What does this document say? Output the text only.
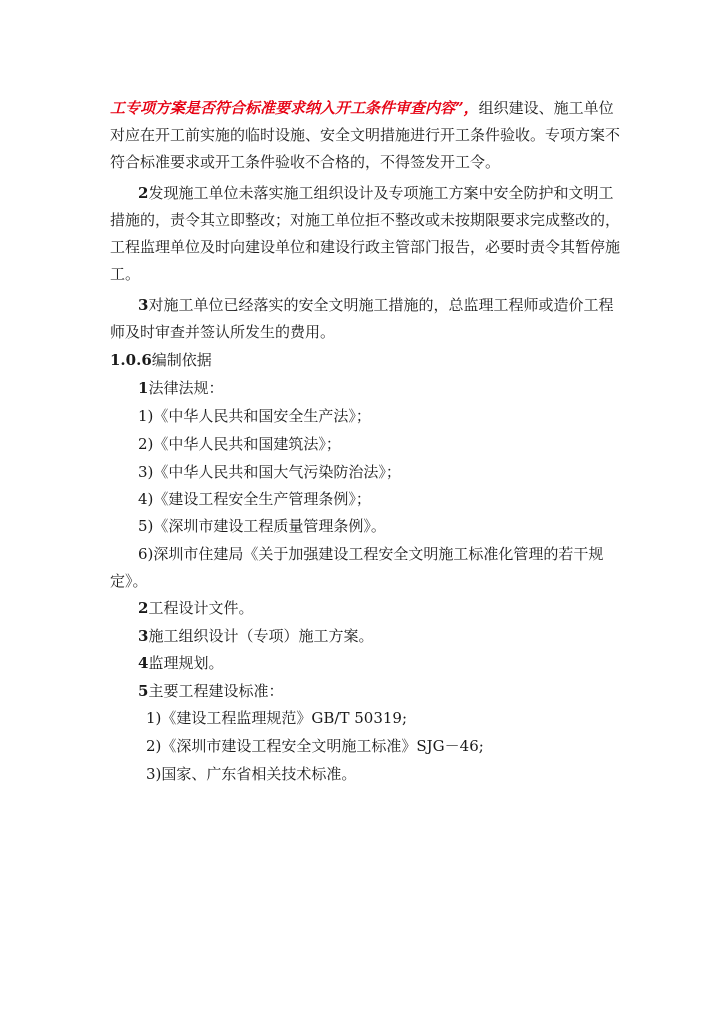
工专项方案是否符合标准要求纳入开工条件审查内容”，组织建设、施工单位
对应在开工前实施的临时设施、安全文明措施进行开工条件验收。专项方案不
符合标准要求或开工条件验收不合格的，不得签发开工令。
2发现施工单位未落实施工组织设计及专项施工方案中安全防护和文明工
措施的，责令其立即整改；对施工单位拒不整改或未按期限要求完成整改的，
工程监理单位及时向建设单位和建设行政主管部门报告，必要时责令其暂停施
工。
3对施工单位已经落实的安全文明施工措施的，总监理工程师或造价工程
师及时审查并签认所发生的费用。
1.0.6编制依据
1法律法规：
1)《中华人民共和国安全生产法》；
2)《中华人民共和国建筑法》；
3)《中华人民共和国大气污染防治法》；
4)《建设工程安全生产管理条例》；
5)《深圳市建设工程质量管理条例》。
6)深圳市住建局《关于加强建设工程安全文明施工标准化管理的若干规
定》。
2工程设计文件。
3施工组织设计（专项）施工方案。
4监理规划。
5主要工程建设标准：
1)《建设工程监理规范》GB/T 50319;
2)《深圳市建设工程安全文明施工标准》SJG－46;
3)国家、广东省相关技术标准。
